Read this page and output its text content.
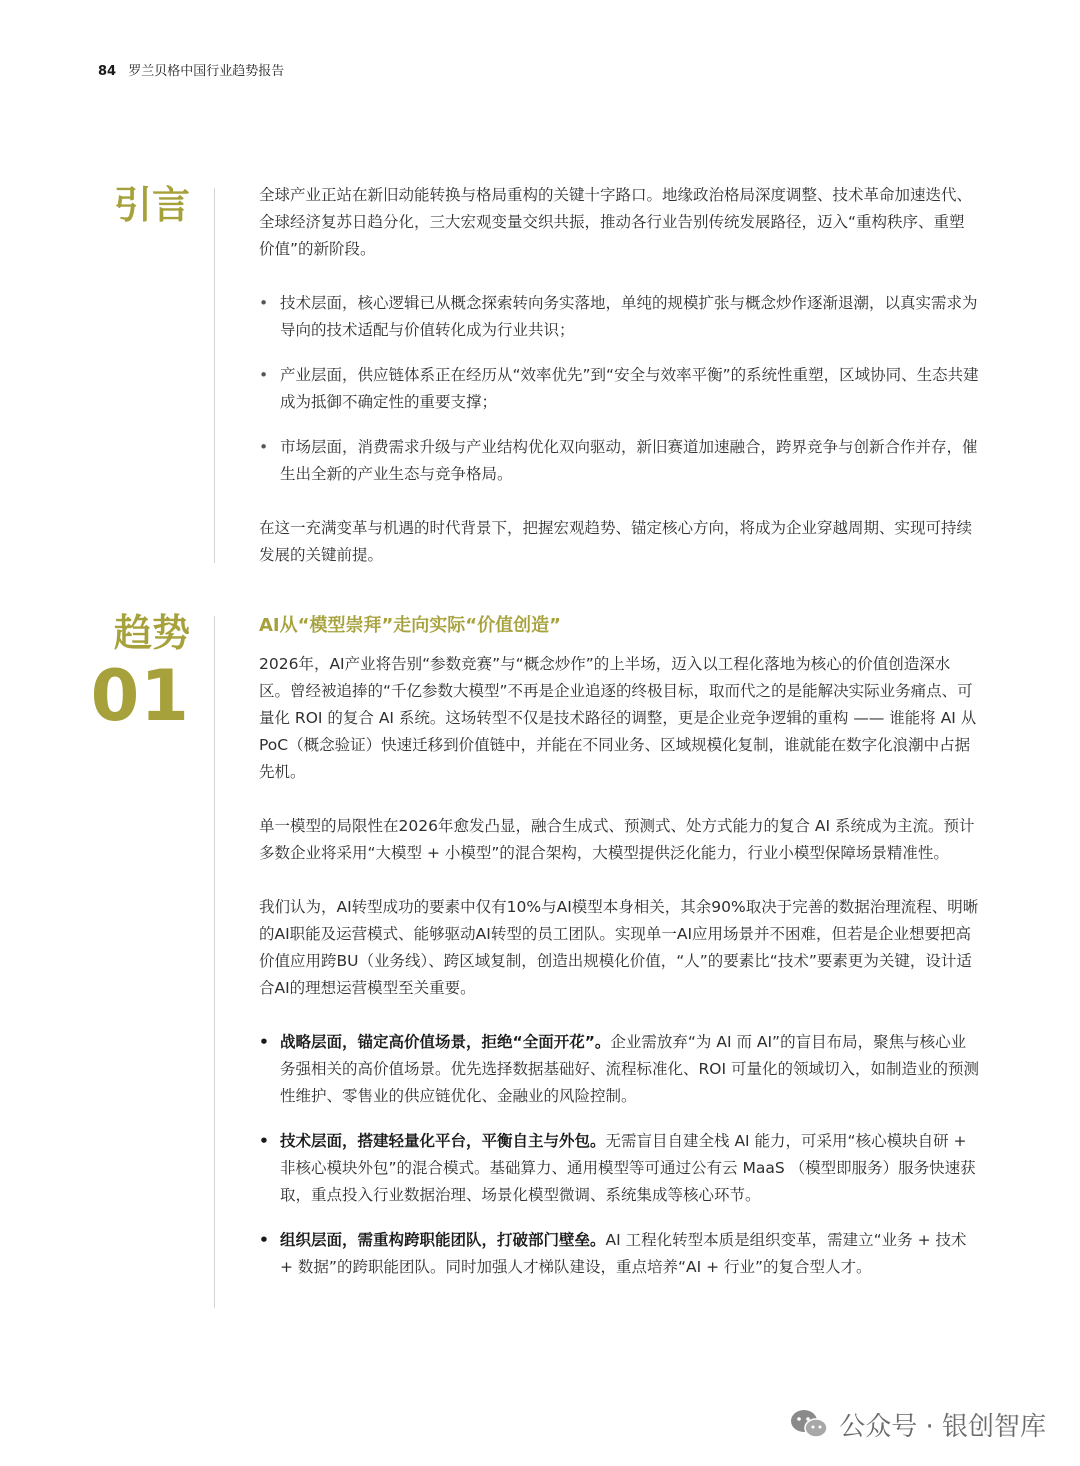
84 罗兰贝格中国行业趋势报告
引言	全球产业正站在新旧动能转换与格局重构的关键十字路口。地缘政治格局深度调整、技术革命加速迭代、全球经济复苏日趋分化，三大宏观变量交织共振，推动各行业告别传统发展路径，迈入“重构秩序、重塑价值”的新阶段。

• 技术层面，核心逻辑已从概念探索转向务实落地，单纯的规模扩张与概念炒作逐渐退潮，以真实需求为导向的技术适配与价值转化成为行业共识；
• 产业层面，供应链体系正在经历从“效率优先”到“安全与效率平衡”的系统性重塑，区域协同、生态共建成为抵御不确定性的重要支撑；
• 市场层面，消费需求升级与产业结构优化双向驱动，新旧赛道加速融合，跨界竞争与创新合作并存，催生出全新的产业生态与竞争格局。

在这一充满变革与机遇的时代背景下，把握宏观趋势、锚定核心方向，将成为企业穿越周期、实现可持续发展的关键前提。

趋势
01
AI从“模型崇拜”走向实际“价值创造”

2026年，AI产业将告别“参数竞赛”与“概念炒作”的上半场，迈入以工程化落地为核心的价值创造深水区。曾经被追捧的“千亿参数大模型”不再是企业追逐的终极目标，取而代之的是能解决实际业务痛点、可量化 ROI 的复合 AI 系统。这场转型不仅是技术路径的调整，更是企业竞争逻辑的重构 —— 谁能将 AI 从PoC（概念验证）快速迁移到价值链中，并能在不同业务、区域规模化复制，谁就能在数字化浪潮中占据先机。

单一模型的局限性在2026年愈发凸显，融合生成式、预测式、处方式能力的复合 AI 系统成为主流。预计多数企业将采用“大模型 + 小模型”的混合架构，大模型提供泛化能力，行业小模型保障场景精准性。

我们认为，AI转型成功的要素中仅有10%与AI模型本身相关，其余90%取决于完善的数据治理流程、明晰的AI职能及运营模式、能够驱动AI转型的员工团队。实现单一AI应用场景并不困难，但若是企业想要把高价值应用跨BU（业务线）、跨区域复制，创造出规模化价值，“人”的要素比“技术”要素更为关键，设计适合AI的理想运营模型至关重要。

• 战略层面，锚定高价值场景，拒绝“全面开花”。企业需放弃“为 AI 而 AI”的盲目布局，聚焦与核心业务强相关的高价值场景。优先选择数据基础好、流程标准化、ROI 可量化的领域切入，如制造业的预测性维护、零售业的供应链优化、金融业的风险控制。
• 技术层面，搭建轻量化平台，平衡自主与外包。无需盲目自建全栈 AI 能力，可采用“核心模块自研 + 非核心模块外包”的混合模式。基础算力、通用模型等可通过公有云 MaaS （模型即服务）服务快速获取，重点投入行业数据治理、场景化模型微调、系统集成等核心环节。
• 组织层面，需重构跨职能团队，打破部门壁垒。AI 工程化转型本质是组织变革，需建立“业务 + 技术 + 数据”的跨职能团队。同时加强人才梯队建设，重点培养“AI + 行业”的复合型人才。
公众号 · 银创智库
